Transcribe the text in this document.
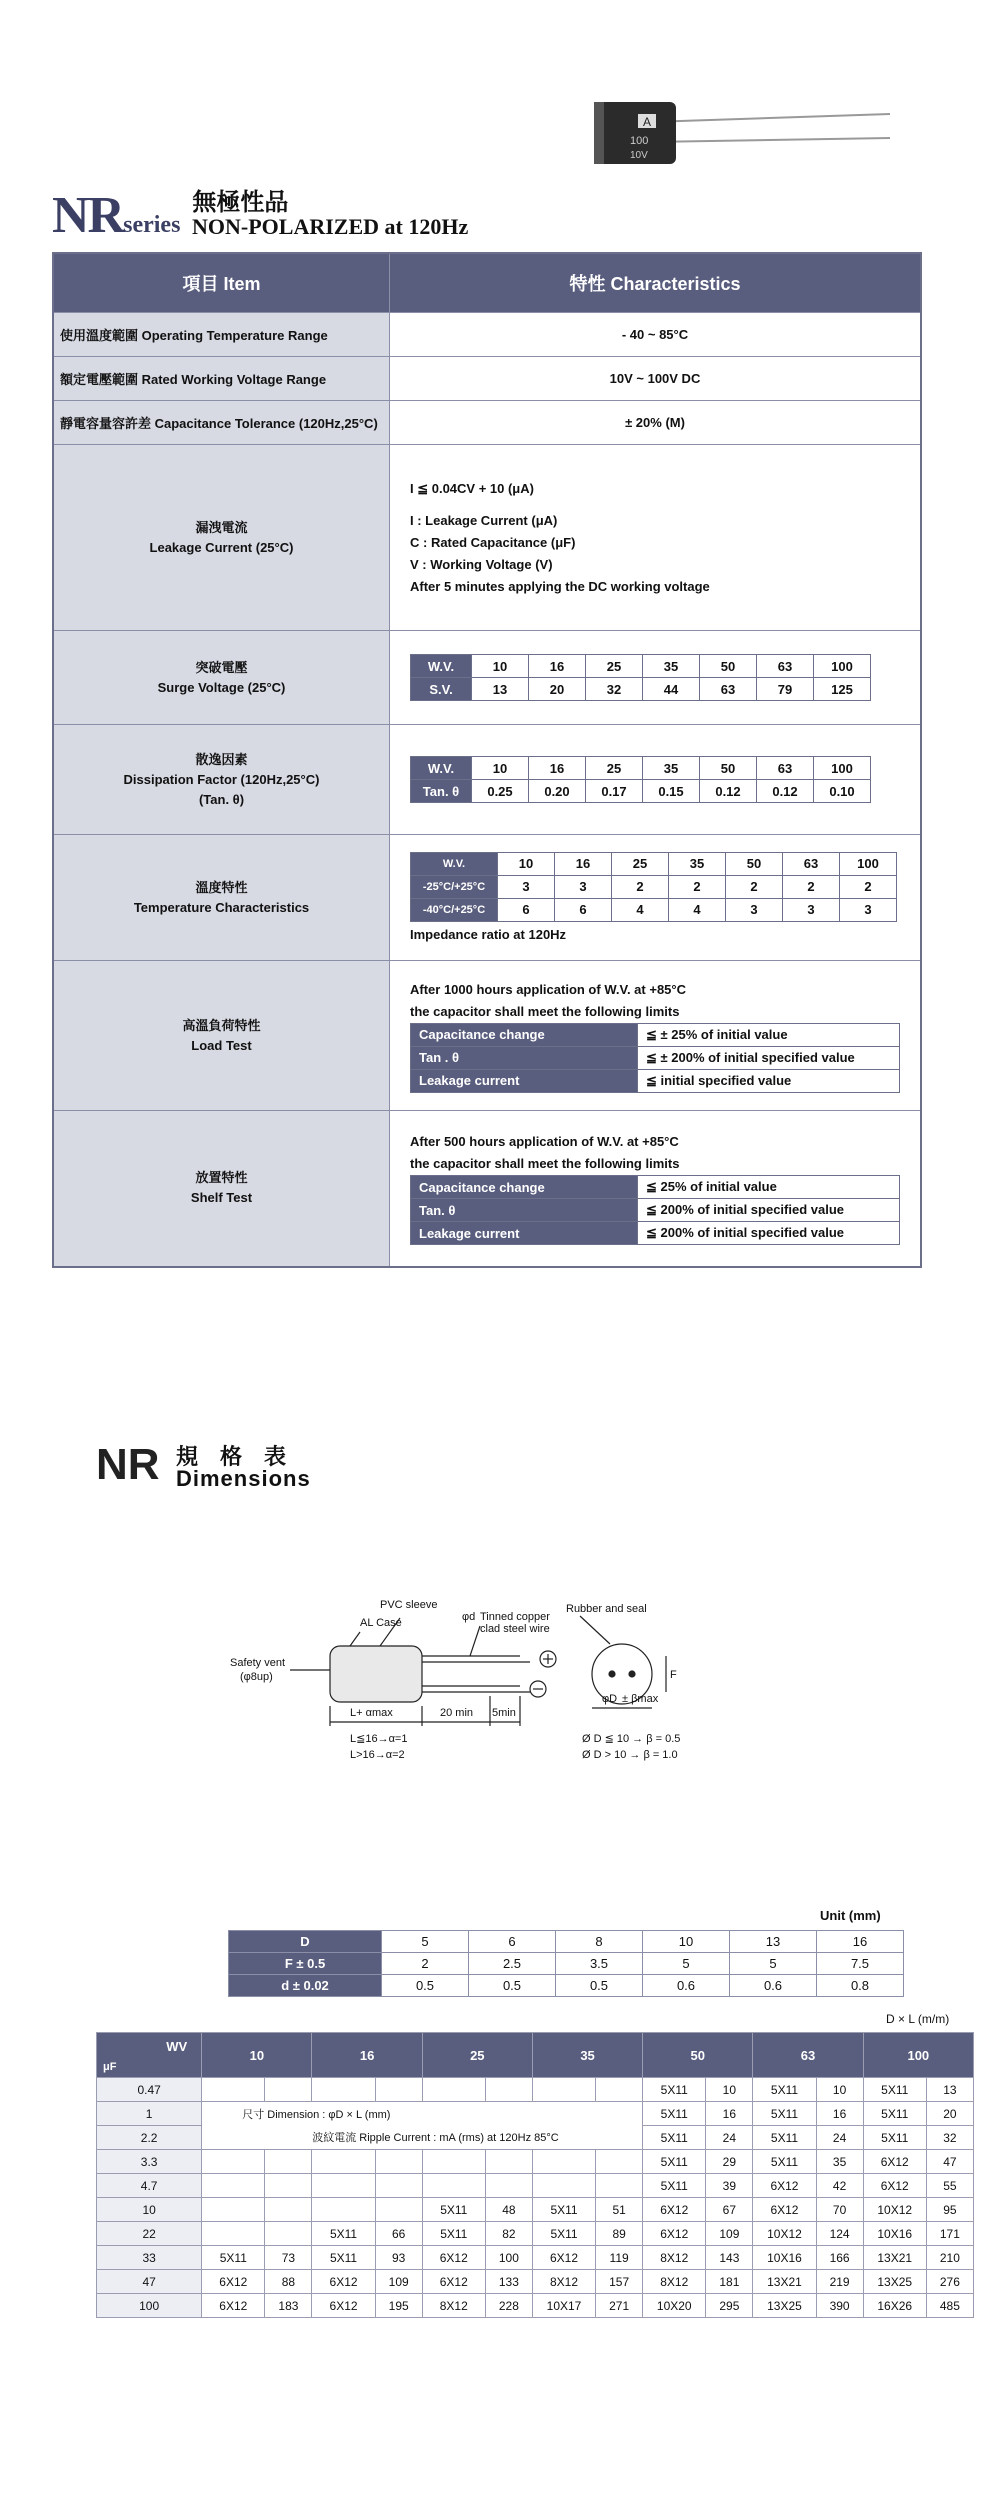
A
100
10V
NRseries 無極性品
NON-POLARIZED at 120Hz
項目 Item	特性 Characteristics
使用溫度範圍 Operating Temperature Range	- 40 ~ 85°C
額定電壓範圍 Rated Working Voltage Range	10V ~ 100V DC
靜電容量容許差 Capacitance Tolerance (120Hz,25°C)	± 20% (M)

漏洩電流
Leakage Current (25°C)

I ≦ 0.04CV + 10 (μA)
I : Leakage Current (μA)
C : Rated Capacitance (μF)
V : Working Voltage (V)
After 5 minutes applying the DC working voltage

突破電壓
Surge Voltage (25°C)

W.V.	10	16	25	35	50	63	100
S.V.	13	20	32	44	63	79	125

散逸因素
Dissipation Factor (120Hz,25°C)
(Tan. θ)

W.V.	10	16	25	35	50	63	100
Tan. θ	0.25	0.20	0.17	0.15	0.12	0.12	0.10

溫度特性
Temperature Characteristics

W.V.	10	16	25	35	50	63	100
-25°C/+25°C	3	3	2	2	2	2	2
-40°C/+25°C	6	6	4	4	3	3	3
Impedance ratio at 120Hz

高溫負荷特性
Load Test

After 1000 hours application of W.V. at +85°C
the capacitor shall meet the following limits
Capacitance change	≦ ± 25% of initial value
Tan . θ	≦ ± 200% of initial specified value
Leakage current	≦ initial specified value

放置特性
Shelf Test

After 500 hours application of W.V. at +85°C
the capacitor shall meet the following limits
Capacitance change	≦ 25% of initial value
Tan. θ	≦ 200% of initial specified value
Leakage current	≦ 200% of initial specified value
NR 規格表
Dimensions
PVC sleeve
AL Case	φd Tinned copper
clad steel wire
Rubber and seal
Safety vent
(φ8up)
L+ αmax	20 min 5min
L≦16→α=1
L>16→α=2
φD ± βmax
F
Ø D ≦ 10 → β = 0.5
Ø D > 10 → β = 1.0
Unit (mm)
D	5	6	8	10	13	16
F ± 0.5	2	2.5	3.5	5	5	7.5
d ± 0.02	0.5	0.5	0.5	0.6	0.6	0.8
D × L (m/m)
WV
μF	10		16		25		35		50		63		100	
0.47									5X11	10	5X11	10	5X11	13
1	尺寸 Dimension : φD × L (mm)								5X11	16	5X11	16	5X11	20
2.2	波紋電流 Ripple Current : mA (rms) at 120Hz 85°C								5X11	24	5X11	24	5X11	32
3.3									5X11	29	5X11	35	6X12	47
4.7									5X11	39	6X12	42	6X12	55
10					5X11	48	5X11	51	6X12	67	6X12	70	10X12	95
22			5X11	66	5X11	82	5X11	89	6X12	109	10X12	124	10X16	171
33	5X11	73	5X11	93	6X12	100	6X12	119	8X12	143	10X16	166	13X21	210
47	6X12	88	6X12	109	6X12	133	8X12	157	8X12	181	13X21	219	13X25	276
100	6X12	183	6X12	195	8X12	228	10X17	271	10X20	295	13X25	390	16X26	485
